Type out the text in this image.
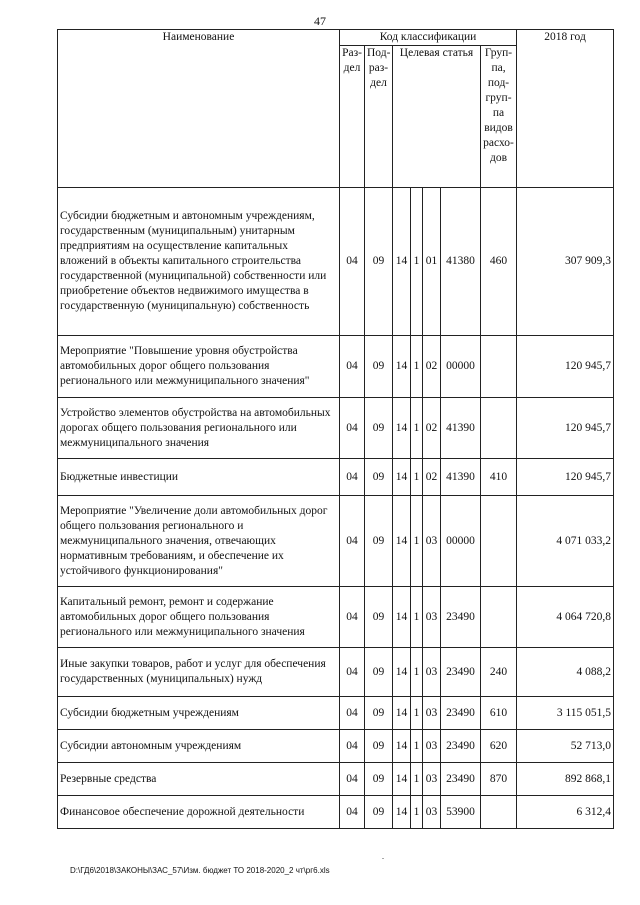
47
Наименование	Код классификации							2018 год
	Раз-дел	Под-раз-дел	Целевая статья				Груп-па, под-груп-па видов расхо-дов	
Субсидии бюджетным и автономным учреждениям, государственным (муниципальным) унитарным предприятиям на осуществление капитальных вложений в объекты капитального строительства государственной (муниципальной) собственности или приобретение объектов недвижимого имущества в государственную (муниципальную) собственность	04	09	14	1	01	41380	460	307 909,3
Мероприятие "Повышение уровня обустройства автомобильных дорог общего пользования регионального или межмуниципального значения"	04	09	14	1	02	00000		120 945,7
Устройство элементов обустройства на автомобильных дорогах общего пользования регионального или межмуниципального значения	04	09	14	1	02	41390		120 945,7
Бюджетные инвестиции	04	09	14	1	02	41390	410	120 945,7
Мероприятие "Увеличение доли автомобильных дорог общего пользования регионального и межмуниципального значения, отвечающих нормативным требованиям, и обеспечение их устойчивого функционирования"	04	09	14	1	03	00000		4 071 033,2
Капитальный ремонт, ремонт и содержание автомобильных дорог общего пользования регионального или межмуниципального значения	04	09	14	1	03	23490		4 064 720,8
Иные закупки товаров, работ и услуг для обеспечения государственных (муниципальных) нужд	04	09	14	1	03	23490	240	4 088,2
Субсидии бюджетным учреждениям	04	09	14	1	03	23490	610	3 115 051,5
Субсидии автономным учреждениям	04	09	14	1	03	23490	620	52 713,0
Резервные средства	04	09	14	1	03	23490	870	892 868,1
Финансовое обеспечение дорожной деятельности	04	09	14	1	03	53900		6 312,4
.
D:\ГД6\2018\ЗАКОНЫ\ЗАС_57\Изм. бюджет ТО 2018-2020_2 чт\рг6.xls
